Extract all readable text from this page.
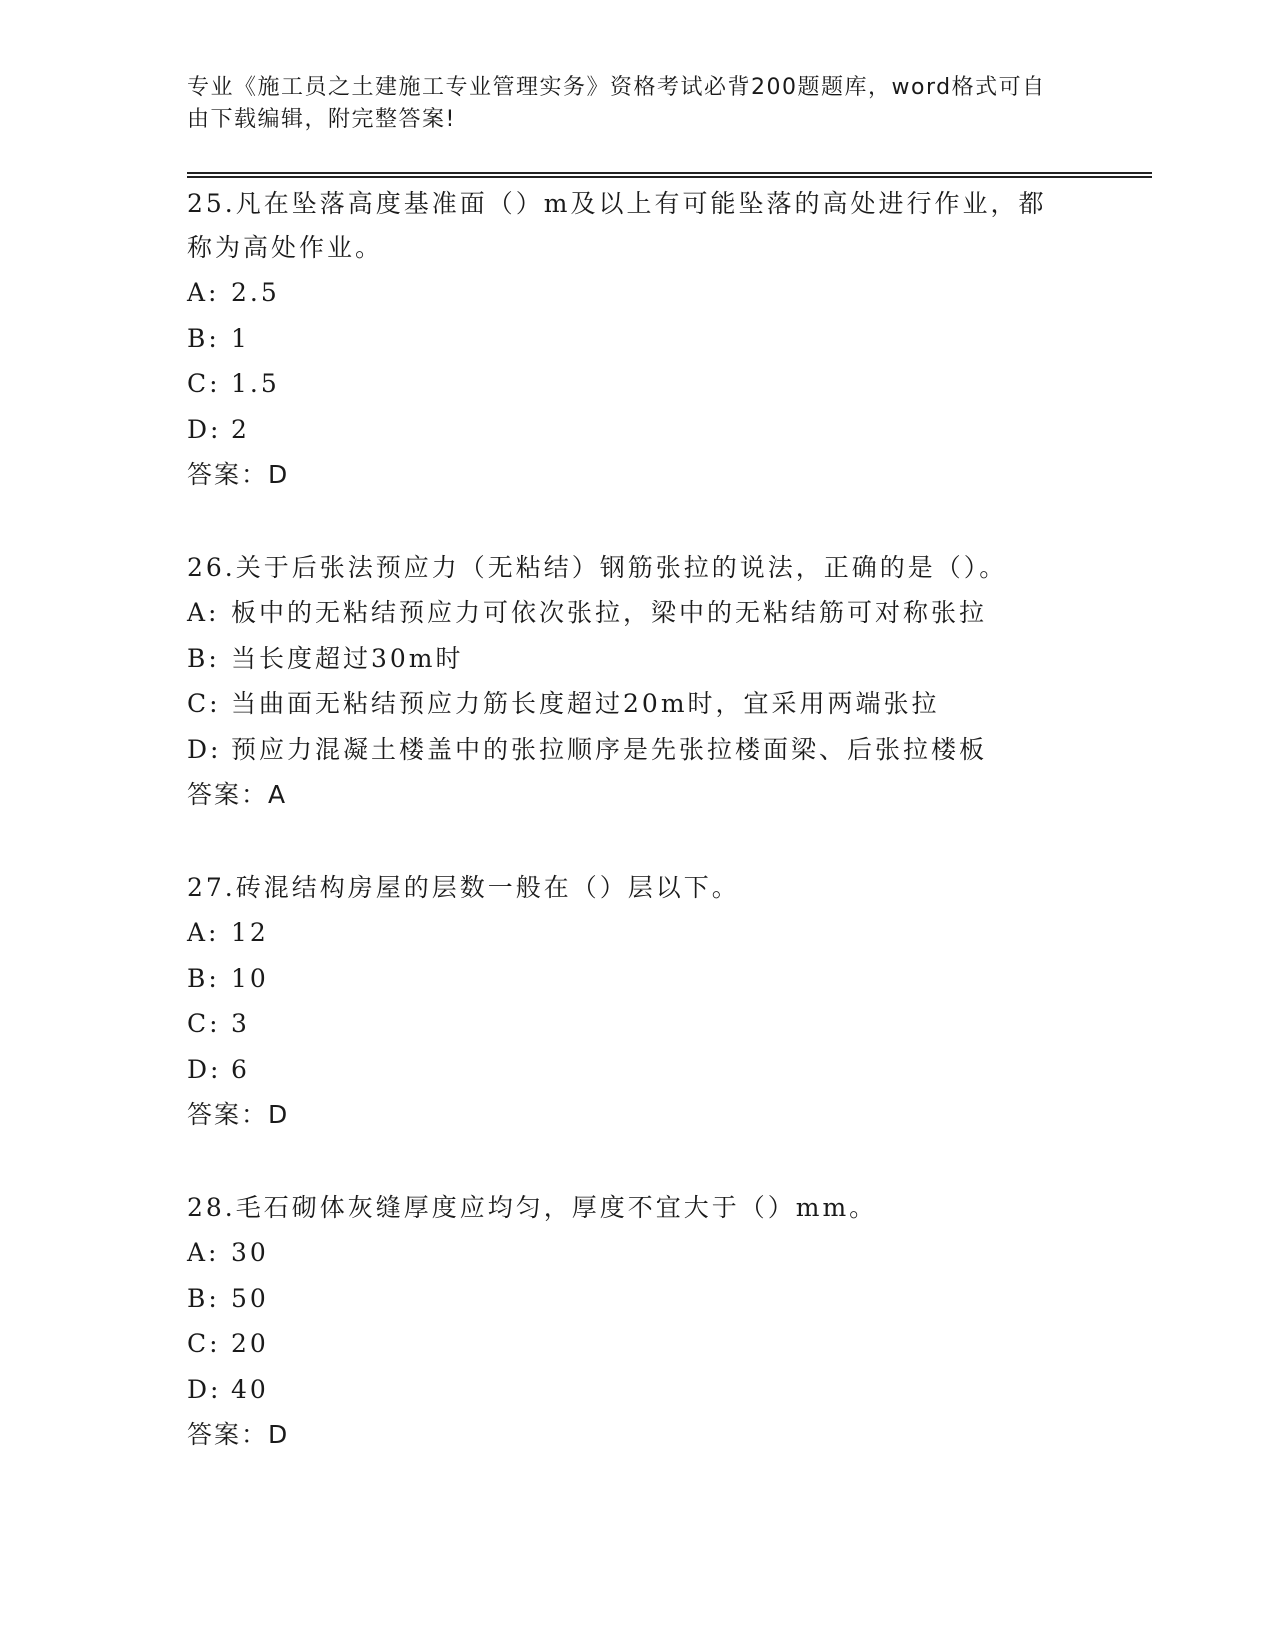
专业《施工员之土建施工专业管理实务》资格考试必背200题题库，word格式可自由下载编辑，附完整答案!

25.凡在坠落高度基准面（）m及以上有可能坠落的高处进行作业，都称为高处作业。

A: 2.5
B: 1
C: 1.5
D: 2
答案：D

26.关于后张法预应力（无粘结）钢筋张拉的说法，正确的是（）。

A: 板中的无粘结预应力可依次张拉，梁中的无粘结筋可对称张拉
B: 当长度超过30m时
C: 当曲面无粘结预应力筋长度超过20m时，宜采用两端张拉
D: 预应力混凝土楼盖中的张拉顺序是先张拉楼面梁、后张拉楼板
答案：A

27.砖混结构房屋的层数一般在（）层以下。

A: 12
B: 10
C: 3
D: 6
答案：D

28.毛石砌体灰缝厚度应均匀，厚度不宜大于（）mm。

A: 30
B: 50
C: 20
D: 40
答案：D
